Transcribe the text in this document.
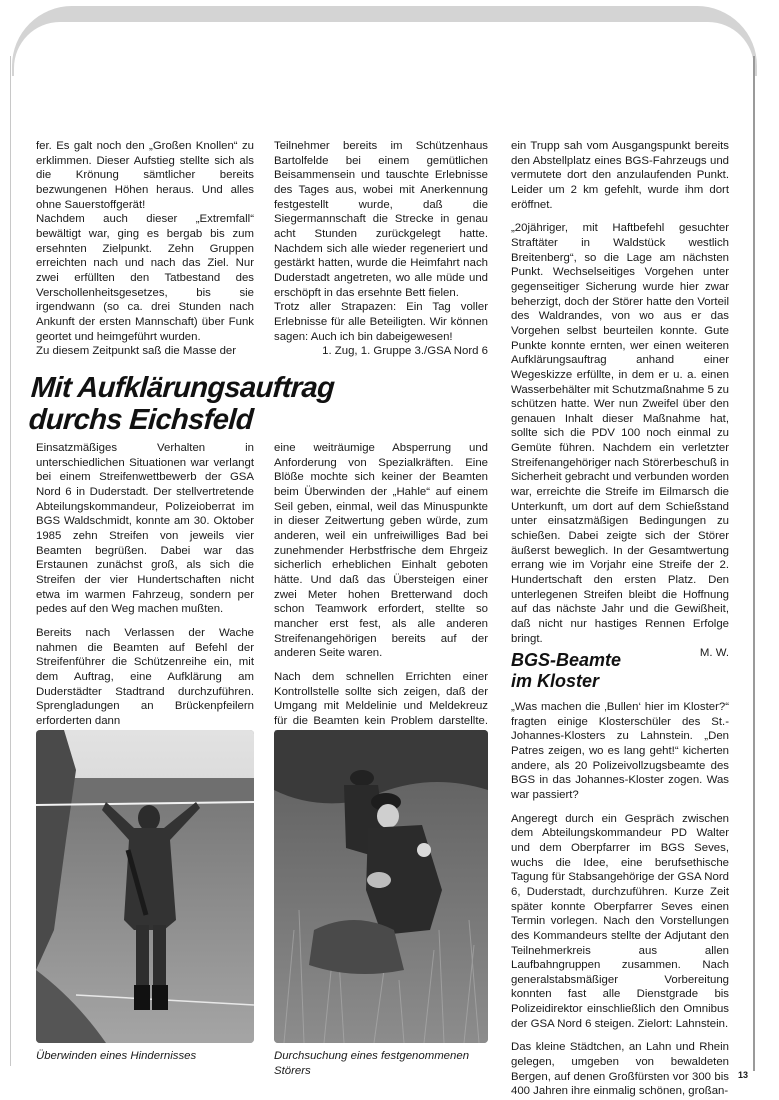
fer. Es galt noch den „Großen Knollen“ zu erklimmen. Dieser Aufstieg stellte sich als die Krönung sämtlicher bereits bezwungenen Höhen heraus. Und alles ohne Sauerstoffgerät!

Nachdem auch dieser „Extremfall“ bewältigt war, ging es bergab bis zum ersehnten Zielpunkt. Zehn Gruppen erreichten nach und nach das Ziel. Nur zwei erfüllten den Tatbestand des Verschollenheitsgesetzes, bis sie irgendwann (so ca. drei Stunden nach Ankunft der ersten Mannschaft) über Funk geortet und heimgeführt wurden.

Zu diesem Zeitpunkt saß die Masse der

Teilnehmer bereits im Schützenhaus Bartolfelde bei einem gemütlichen Beisammensein und tauschte Erlebnisse des Tages aus, wobei mit Anerkennung festgestellt wurde, daß die Siegermannschaft die Strecke in genau acht Stunden zurückgelegt hatte. Nachdem sich alle wieder regeneriert und gestärkt hatten, wurde die Heimfahrt nach Duderstadt angetreten, wo alle müde und erschöpft in das ersehnte Bett fielen.

Trotz aller Strapazen: Ein Tag voller Erlebnisse für alle Beteiligten. Wir können sagen: Auch ich bin dabeigewesen!

1. Zug, 1. Gruppe 3./GSA Nord 6

Mit Aufklärungsauftrag
durchs Eichsfeld

Einsatzmäßiges Verhalten in unterschiedlichen Situationen war verlangt bei einem Streifenwettbewerb der GSA Nord 6 in Duderstadt. Der stellvertretende Abteilungskommandeur, Polizeioberrat im BGS Waldschmidt, konnte am 30. Oktober 1985 zehn Streifen von jeweils vier Beamten begrüßen. Dabei war das Erstaunen zunächst groß, als sich die Streifen der vier Hundertschaften nicht etwa im warmen Fahrzeug, sondern per pedes auf den Weg machen mußten.

Bereits nach Verlassen der Wache nahmen die Beamten auf Befehl der Streifenführer die Schützenreihe ein, mit dem Auftrag, eine Aufklärung am Duderstädter Stadtrand durchzuführen. Sprengladungen an Brückenpfeilern erforderten dann

eine weiträumige Absperrung und Anforderung von Spezialkräften. Eine Blöße mochte sich keiner der Beamten beim Überwinden der „Hahle“ auf einem Seil geben, einmal, weil das Minuspunkte in dieser Zeitwertung geben würde, zum anderen, weil ein unfreiwilliges Bad bei zunehmender Herbstfrische dem Ehrgeiz sicherlich erheblichen Einhalt geboten hätte. Und daß das Übersteigen einer zwei Meter hohen Bretterwand doch schon Teamwork erfordert, stellte so mancher erst fest, als alle anderen Streifenangehörigen bereits auf der anderen Seite waren.

Nach dem schnellen Errichten einer Kontrollstelle sollte sich zeigen, daß der Umgang mit Meldelinie und Meldekreuz für die Beamten kein Problem darstellte.

ein Trupp sah vom Ausgangspunkt bereits den Abstellplatz eines BGS-Fahrzeugs und vermutete dort den anzulaufenden Punkt. Leider um 2 km gefehlt, wurde ihm dort eröffnet.

„20jähriger, mit Haftbefehl gesuchter Straftäter in Waldstück westlich Breitenberg“, so die Lage am nächsten Punkt. Wechselseitiges Vorgehen unter gegenseitiger Sicherung wurde hier zwar beherzigt, doch der Störer hatte den Vorteil des Waldrandes, von wo aus er das Vorgehen selbst beurteilen konnte. Gute Punkte konnte ernten, wer einen weiteren Aufklärungsauftrag anhand einer Wegeskizze erfüllte, in dem er u. a. einen Wasserbehälter mit Schutzmaßnahme 5 zu schützen hatte. Wer nun Zweifel über den genauen Inhalt dieser Maßnahme hat, sollte sich die PDV 100 noch einmal zu Gemüte führen. Nachdem ein verletzter Streifenangehöriger nach Störerbeschuß in Sicherheit gebracht und verbunden worden war, erreichte die Streife im Eilmarsch die Unterkunft, um dort auf dem Schießstand unter einsatzmäßigen Bedingungen zu schießen. Dabei zeigte sich der Störer äußerst beweglich. In der Gesamtwertung errang wie im Vorjahr eine Streife der 2. Hundertschaft den ersten Platz. Den unterlegenen Streifen bleibt die Hoffnung auf das nächste Jahr und die Gewißheit, daß nicht nur hastiges Rennen Erfolge bringt.

M. W.

BGS-Beamte
im Kloster

„Was machen die ‚Bullen‘ hier im Kloster?“ fragten einige Klosterschüler des St.-Johannes-Klosters zu Lahnstein. „Den Patres zeigen, wo es lang geht!“ kicherten andere, als 20 Polizeivollzugsbeamte des BGS in das Johannes-Kloster zogen. Was war passiert?

Angeregt durch ein Gespräch zwischen dem Abteilungskommandeur PD Walter und dem Oberpfarrer im BGS Seves, wuchs die Idee, eine berufsethische Tagung für Stabsangehörige der GSA Nord 6, Duderstadt, durchzuführen. Kurze Zeit später konnte Oberpfarrer Seves einen Termin vorlegen. Nach den Vorstellungen des Kommandeurs stellte der Adjutant den Teilnehmerkreis aus allen Laufbahngruppen zusammen. Nach generalstabsmäßiger Vorbereitung konnten fast alle Dienstgrade bis Polizeidirektor einschließlich den Omnibus der GSA Nord 6 steigen. Zielort: Lahnstein.

Das kleine Städtchen, an Lahn und Rhein gelegen, umgeben von bewaldeten Bergen, auf denen Großfürsten vor 300 bis 400 Jahren ihre einmalig schönen, großan-

Überwinden eines Hindernisses	Durchsuchung eines festgenommenen Störers	13
